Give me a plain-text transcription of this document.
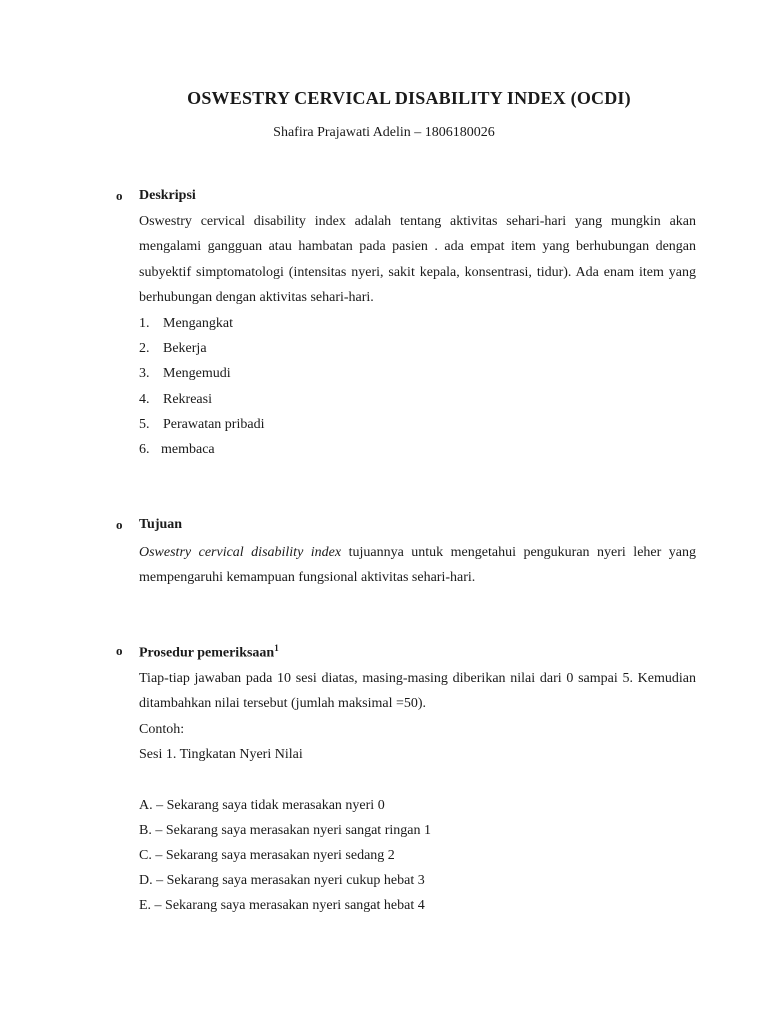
OSWESTRY CERVICAL DISABILITY INDEX (OCDI)
Shafira Prajawati Adelin – 1806180026
o Deskripsi

Oswestry cervical disability index adalah tentang aktivitas sehari-hari yang mungkin akan mengalami gangguan atau hambatan pada pasien . ada empat item yang berhubungan dengan subyektif simptomatologi (intensitas nyeri, sakit kepala, konsentrasi, tidur). Ada enam item yang berhubungan dengan aktivitas sehari-hari.

1. Mengangkat
2. Bekerja
3. Mengemudi
4. Rekreasi
5. Perawatan pribadi
6. membaca
o Tujuan

Oswestry cervical disability index tujuannya untuk mengetahui pengukuran nyeri leher yang mempengaruhi kemampuan fungsional aktivitas sehari-hari.

o Prosedur pemeriksaan$^1$

Tiap-tiap jawaban pada 10 sesi diatas, masing-masing diberikan nilai dari 0 sampai 5. Kemudian ditambahkan nilai tersebut (jumlah maksimal =50).

Contoh:
Sesi 1. Tingkatan Nyeri Nilai
A. – Sekarang saya tidak merasakan nyeri 0
B. – Sekarang saya merasakan nyeri sangat ringan 1
C. – Sekarang saya merasakan nyeri sedang 2
D. – Sekarang saya merasakan nyeri cukup hebat 3
E. – Sekarang saya merasakan nyeri sangat hebat 4
